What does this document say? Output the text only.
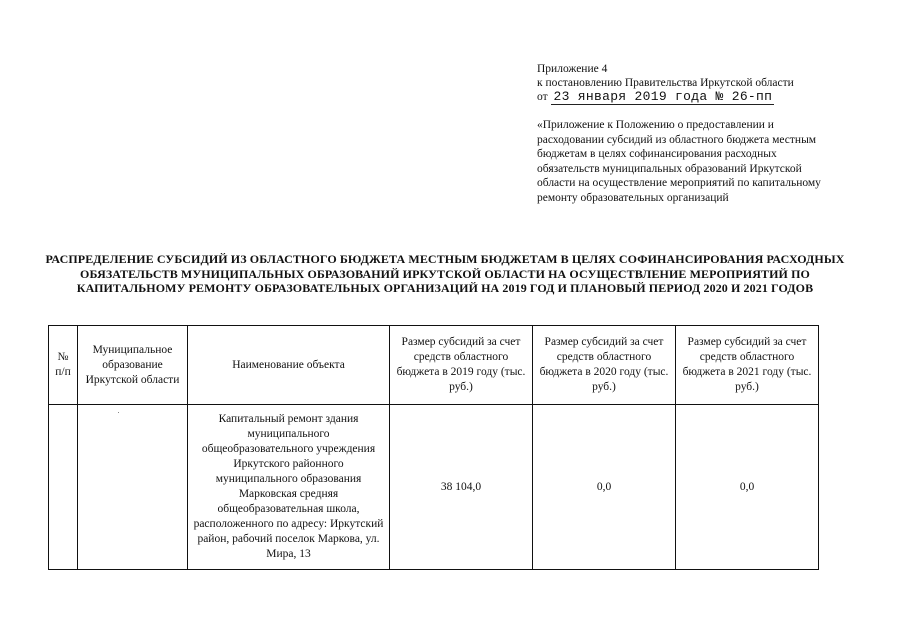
Приложение 4
к постановлению Правительства Иркутской области
от 23 января 2019 года № 26-пп
«Приложение к Положению о предоставлении и расходовании субсидий из областного бюджета местным бюджетам в целях софинансирования расходных обязательств муниципальных образований Иркутской области на осуществление мероприятий по капитальному ремонту образовательных организаций
РАСПРЕДЕЛЕНИЕ СУБСИДИЙ ИЗ ОБЛАСТНОГО БЮДЖЕТА МЕСТНЫМ БЮДЖЕТАМ В ЦЕЛЯХ СОФИНАНСИРОВАНИЯ РАСХОДНЫХ ОБЯЗАТЕЛЬСТВ МУНИЦИПАЛЬНЫХ ОБРАЗОВАНИЙ ИРКУТСКОЙ ОБЛАСТИ НА ОСУЩЕСТВЛЕНИЕ МЕРОПРИЯТИЙ ПО КАПИТАЛЬНОМУ РЕМОНТУ ОБРАЗОВАТЕЛЬНЫХ ОРГАНИЗАЦИЙ НА 2019 ГОД И ПЛАНОВЫЙ ПЕРИОД 2020 И 2021 ГОДОВ
№ п/п	Муниципальное образование Иркутской области	Наименование объекта	Размер субсидий за счет средств областного бюджета в 2019 году (тыс. руб.)	Размер субсидий за счет средств областного бюджета в 2020 году (тыс. руб.)	Размер субсидий за счет средств областного бюджета в 2021 году (тыс. руб.)
		Капитальный ремонт здания муниципального общеобразовательного учреждения Иркутского районного муниципального образования Марковская средняя общеобразовательная школа, расположенного по адресу: Иркутский район, рабочий поселок Маркова, ул. Мира, 13	38 104,0	0,0	0,0
